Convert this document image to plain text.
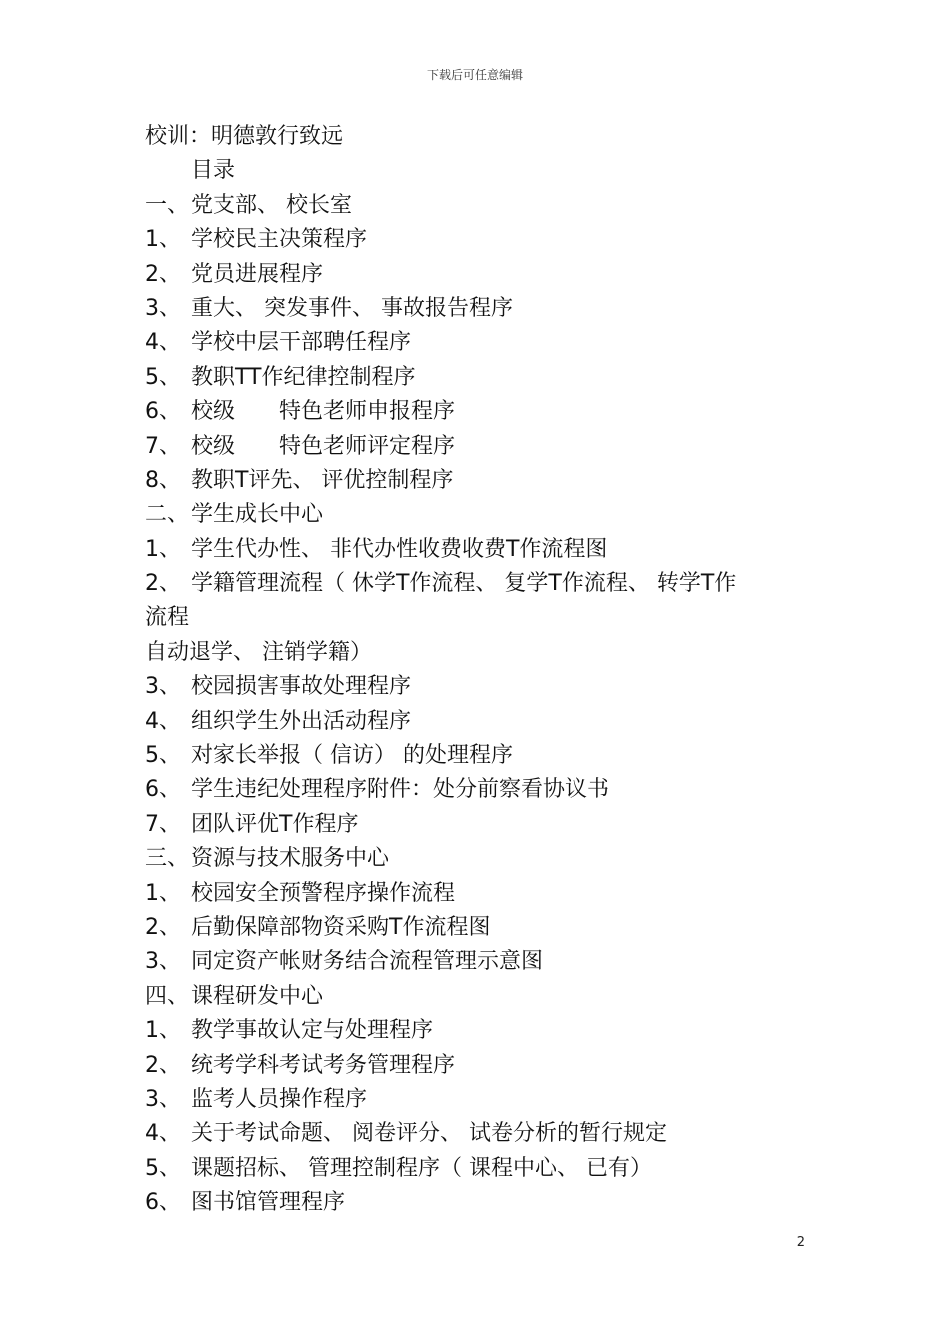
下载后可任意编辑
校训：明德敦行致远
目录
一、党支部、 校长室
1、 学校民主决策程序
2、 党员进展程序
3、 重大、 突发事件、 事故报告程序
4、 学校中层干部聘任程序
5、 教职TT作纪律控制程序
6、 校级　　特色老师申报程序
7、 校级　　特色老师评定程序
8、 教职T评先、 评优控制程序
二、学生成长中心
1、 学生代办性、 非代办性收费收费T作流程图
2、 学籍管理流程（ 休学T作流程、 复学T作流程、 转学T作
流程
自动退学、 注销学籍）
3、 校园损害事故处理程序
4、 组织学生外出活动程序
5、 对家长举报（ 信访） 的处理程序
6、 学生违纪处理程序附件：处分前察看协议书
7、 团队评优T作程序
三、资源与技术服务中心
1、 校园安全预警程序操作流程
2、 后勤保障部物资采购T作流程图
3、 同定资产帐财务结合流程管理示意图
四、课程研发中心
1、 教学事故认定与处理程序
2、 统考学科考试考务管理程序
3、 监考人员操作程序
4、 关于考试命题、 阅卷评分、 试卷分析的暂行规定
5、 课题招标、 管理控制程序（ 课程中心、 已有）
6、 图书馆管理程序
2
